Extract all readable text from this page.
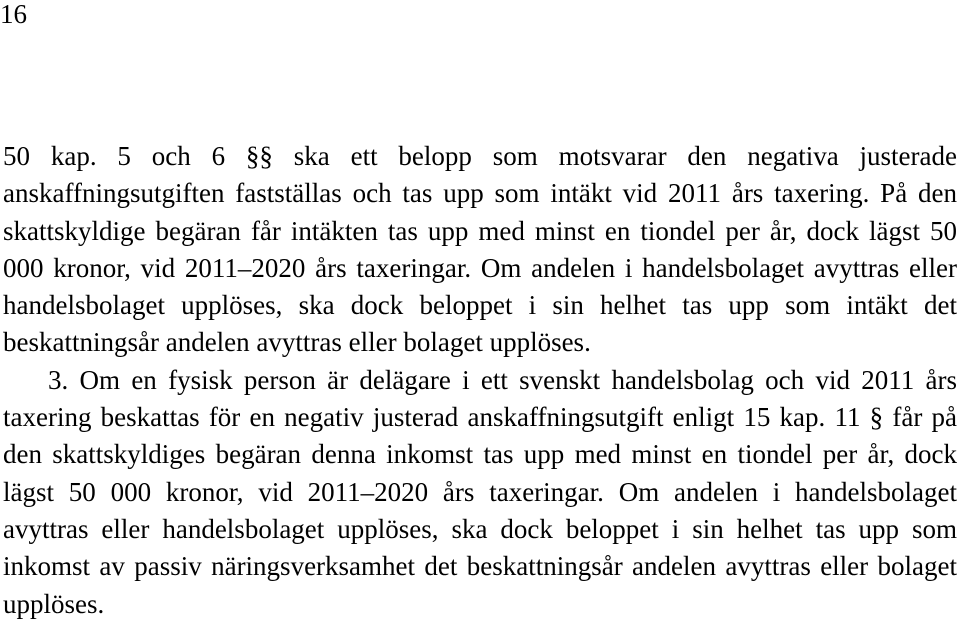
16

50 kap. 5 och 6 §§ ska ett belopp som motsvarar den negativa justerade anskaffningsutgiften fastställas och tas upp som intäkt vid 2011 års taxering. På den skattskyldige begäran får intäkten tas upp med minst en tiondel per år, dock lägst 50 000 kronor, vid 2011–2020 års taxeringar. Om andelen i handelsbolaget avyttras eller handelsbolaget upplöses, ska dock beloppet i sin helhet tas upp som intäkt det beskattningsår andelen avyttras eller bolaget upplöses.

3. Om en fysisk person är delägare i ett svenskt handelsbolag och vid 2011 års taxering beskattas för en negativ justerad anskaffningsutgift enligt 15 kap. 11 § får på den skattskyldiges begäran denna inkomst tas upp med minst en tiondel per år, dock lägst 50 000 kronor, vid 2011–2020 års taxeringar. Om andelen i handelsbolaget avyttras eller handelsbolaget upplöses, ska dock beloppet i sin helhet tas upp som inkomst av passiv näringsverksamhet det beskattningsår andelen avyttras eller bolaget upplöses.
